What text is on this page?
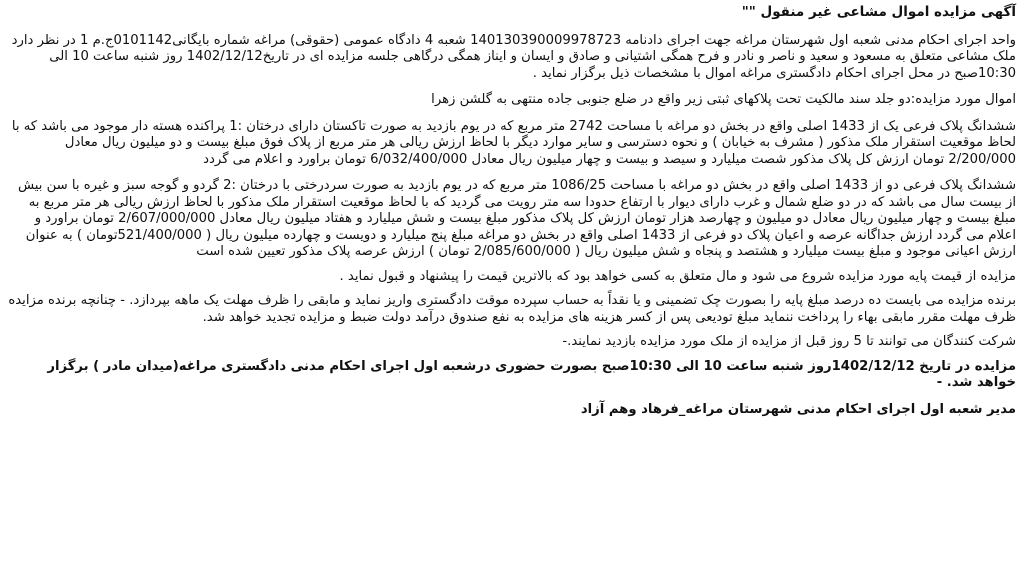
آگهی مزایده اموال مشاعی غیر منقول ""

واحد اجرای احکام مدنی شعبه اول شهرستان مراغه جهت اجرای دادنامه 140130390009978723 شعبه 4 دادگاه عمومی (حقوقی) مراغه شماره بایگانی0101142ج.م 1 در نظر دارد ملک مشاعی متعلق به مسعود و سعید و ناصر و نادر و فرح همگی اشتیانی و صادق و ایسان و ایناز همگی درگاهی جلسه مزایده ای در تاریخ1402/12/12 روز شنبه ساعت 10 الی 10:30صبح در محل اجرای احکام دادگستری مراغه اموال با مشخصات ذیل برگزار نماید .

اموال مورد مزایده:دو جلد سند مالکیت تحت پلاکهای ثبتی زیر واقع در ضلع جنوبی جاده منتهی به گلشن زهرا

ششدانگ پلاک فرعی یک از 1433 اصلی واقع در بخش دو مراغه با مساحت 2742 متر مربع که در یوم بازدید به صورت تاکستان دارای درختان :1 پراکنده هسته دار موجود می باشد که با لحاظ موقعیت استقرار ملک مذکور ( مشرف به خیابان ) و نحوه دسترسی و سایر موارد دیگر با لحاظ ارزش ریالی هر متر مربع از پلاک فوق مبلغ بیست و دو میلیون ریال معادل 2/200/000 تومان ارزش کل پلاک مذکور شصت میلیارد و سیصد و بیست و چهار میلیون ریال معادل 6/032/400/000 تومان براورد و اعلام می گردد

ششدانگ پلاک فرعی دو از 1433 اصلی واقع در بخش دو مراغه با مساحت 1086/25 متر مربع که در یوم بازدید به صورت سردرختی با درختان :2 گردو و گوجه سبز و غیره با سن بیش از بیست سال می باشد که در دو ضلع شمال و غرب دارای دیوار با ارتفاع حدودا سه متر رویت می گردید که با لحاظ موقعیت استقرار ملک مذکور با لحاظ ارزش ریالی هر متر مربع به مبلغ بیست و چهار میلیون ریال معادل دو میلیون و چهارصد هزار تومان ارزش کل پلاک مذکور مبلغ بیست و شش میلیارد و هفتاد میلیون ریال معادل 2/607/000/000 تومان براورد و اعلام می گردد ارزش جداگانه عرصه و اعیان پلاک دو فرعی از 1433 اصلی واقع در بخش دو مراغه مبلغ پنج میلیارد و دویست و چهارده میلیون ریال ( 521/400/000تومان ) به عنوان ارزش اعیانی موجود و مبلغ بیست میلیارد و هشتصد و پنجاه و شش میلیون ریال ( 2/085/600/000 تومان ) ارزش عرصه پلاک مذکور تعیین شده است

مزایده از قیمت پایه مورد مزایده شروع می شود و مال متعلق به کسی خواهد بود که بالاترین قیمت را پیشنهاد و قبول نماید .

برنده مزایده می بایست ده درصد مبلغ پایه را بصورت چک تضمینی و یا نقداً به حساب سپرده موقت دادگستری واریز نماید و مابقی را ظرف مهلت یک ماهه بپردازد. - چنانچه برنده مزایده ظرف مهلت مقرر مابقی بهاء را پرداخت ننماید مبلغ تودیعی پس از کسر هزینه های مزایده به نفع صندوق درآمد دولت ضبط و مزایده تجدید خواهد شد.

شرکت کنندگان می توانند تا 5 روز قبل از مزایده از ملک مورد مزایده بازدید نمایند.-

مزایده در تاریخ 1402/12/12روز شنبه ساعت 10 الی 10:30صبح بصورت حضوری درشعبه اول اجرای احکام مدنی دادگستری مراغه(میدان مادر ) برگزار خواهد شد. -

مدیر شعبه اول اجرای احکام مدنی شهرستان مراغه_فرهاد وهم آزاد
